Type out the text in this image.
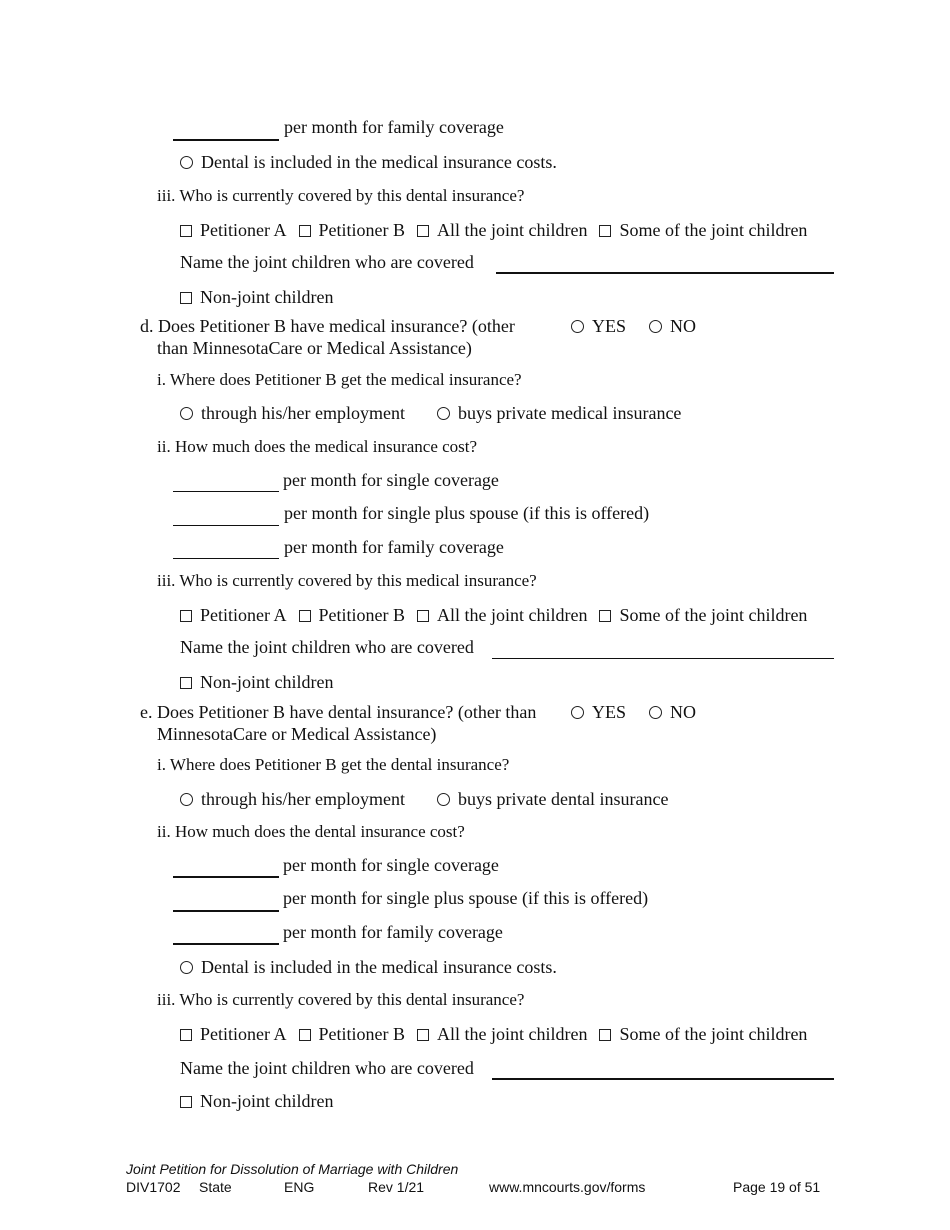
per month for family coverage
Dental is included in the medical insurance costs.
iii. Who is currently covered by this dental insurance?
Petitioner A Petitioner B All the joint children Some of the joint children
Name the joint children who are covered
Non-joint children
d. Does Petitioner B have medical insurance? (other
than MinnesotaCare or Medical Assistance)
YES	NO
i. Where does Petitioner B get the medical insurance?
through his/her employment	buys private medical insurance
ii. How much does the medical insurance cost?
per month for single coverage
per month for single plus spouse (if this is offered)
per month for family coverage
iii. Who is currently covered by this medical insurance?
Petitioner A Petitioner B All the joint children Some of the joint children
Name the joint children who are covered
Non-joint children
e. Does Petitioner B have dental insurance? (other than
MinnesotaCare or Medical Assistance)
YES	NO
i. Where does Petitioner B get the dental insurance?
through his/her employment	buys private dental insurance
ii. How much does the dental insurance cost?
per month for single coverage
per month for single plus spouse (if this is offered)
per month for family coverage
Dental is included in the medical insurance costs.
iii. Who is currently covered by this dental insurance?
Petitioner A Petitioner B All the joint children Some of the joint children
Name the joint children who are covered
Non-joint children
Joint Petition for Dissolution of Marriage with Children
DIV1702 State	ENG	Rev 1/21	www.mncourts.gov/forms	Page 19 of 51
